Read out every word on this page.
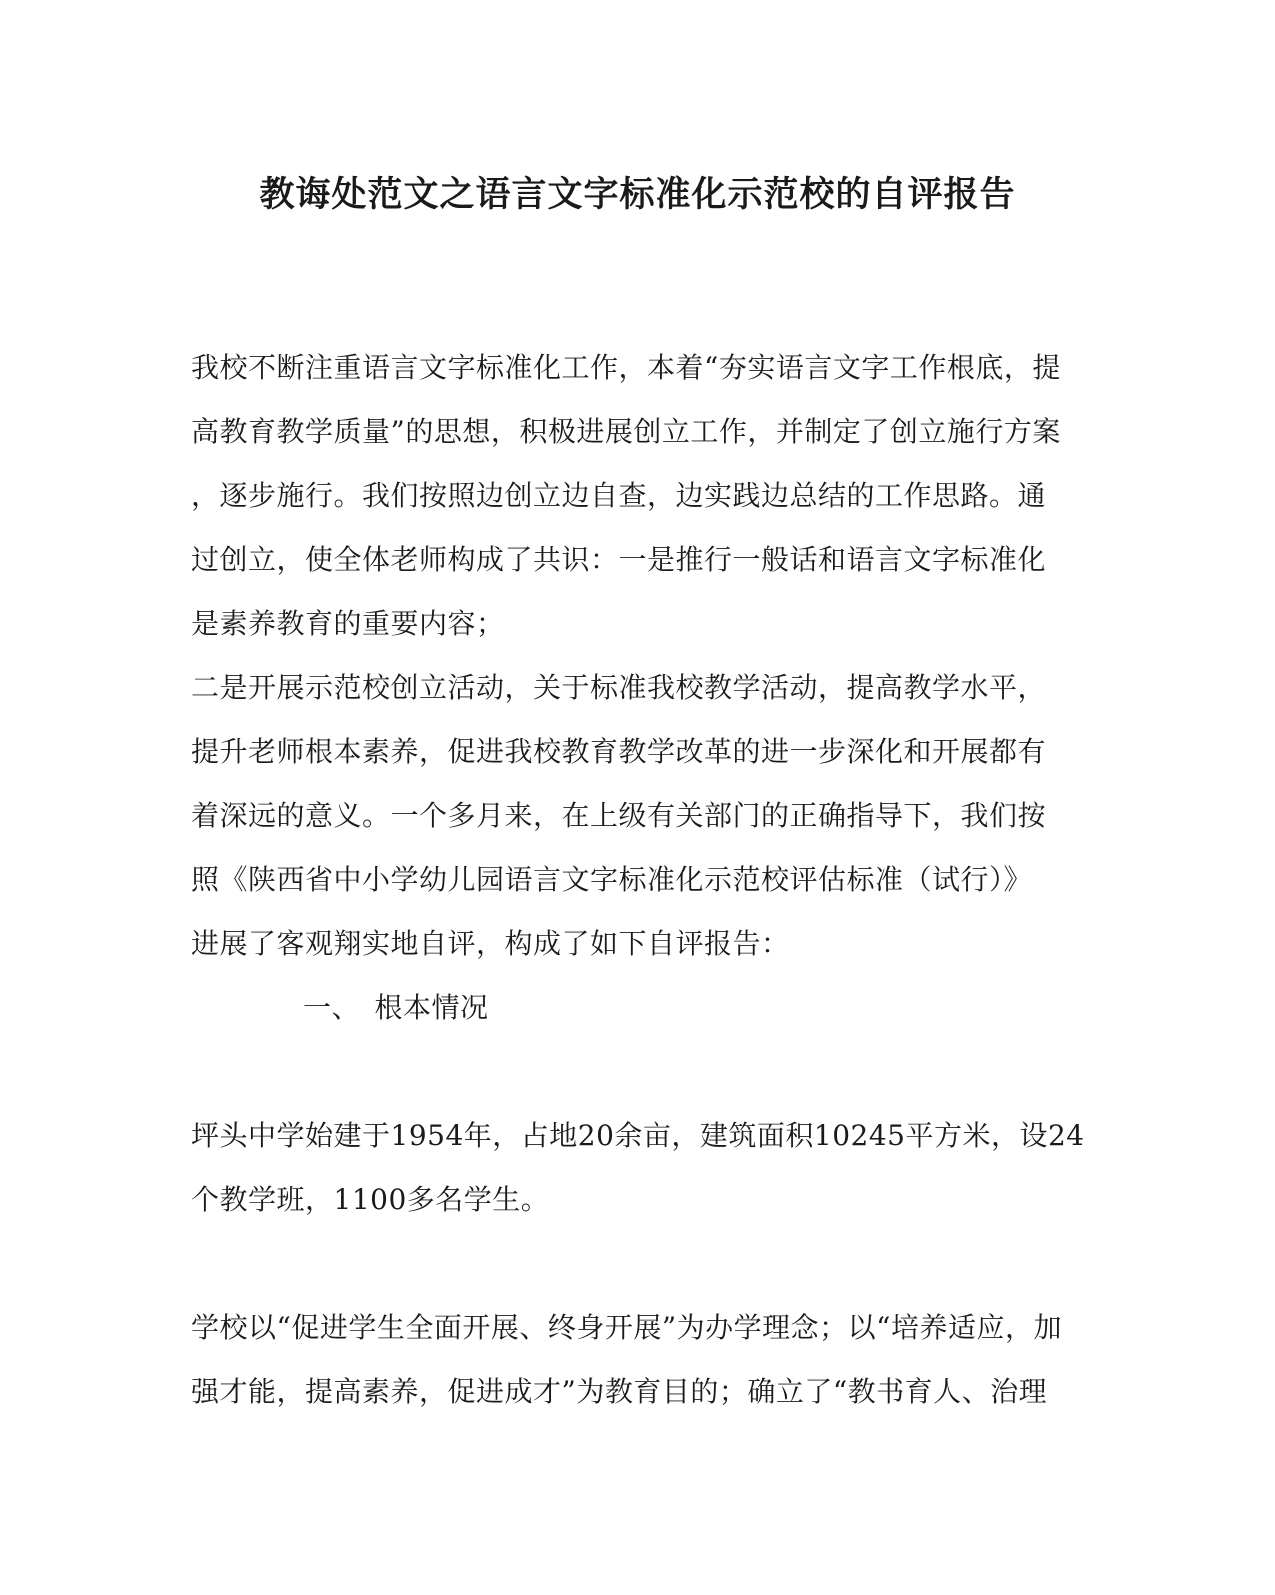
教诲处范文之语言文字标准化示范校的自评报告
我校不断注重语言文字标准化工作，本着“夯实语言文字工作根底，提
高教育教学质量”的思想，积极进展创立工作，并制定了创立施行方案
，逐步施行。我们按照边创立边自查，边实践边总结的工作思路。通
过创立，使全体老师构成了共识：一是推行一般话和语言文字标准化
是素养教育的重要内容；
二是开展示范校创立活动，关于标准我校教学活动，提高教学水平，
提升老师根本素养，促进我校教育教学改革的进一步深化和开展都有
着深远的意义。一个多月来，在上级有关部门的正确指导下，我们按
照《陕西省中小学幼儿园语言文字标准化示范校评估标准（试行）》
进展了客观翔实地自评，构成了如下自评报告：
一、　根本情况
坪头中学始建于1954年，占地20余亩，建筑面积10245平方米，设24
个教学班，1100多名学生。
学校以“促进学生全面开展、终身开展”为办学理念；以“培养适应，加
强才能，提高素养，促进成才”为教育目的；确立了“教书育人、治理
